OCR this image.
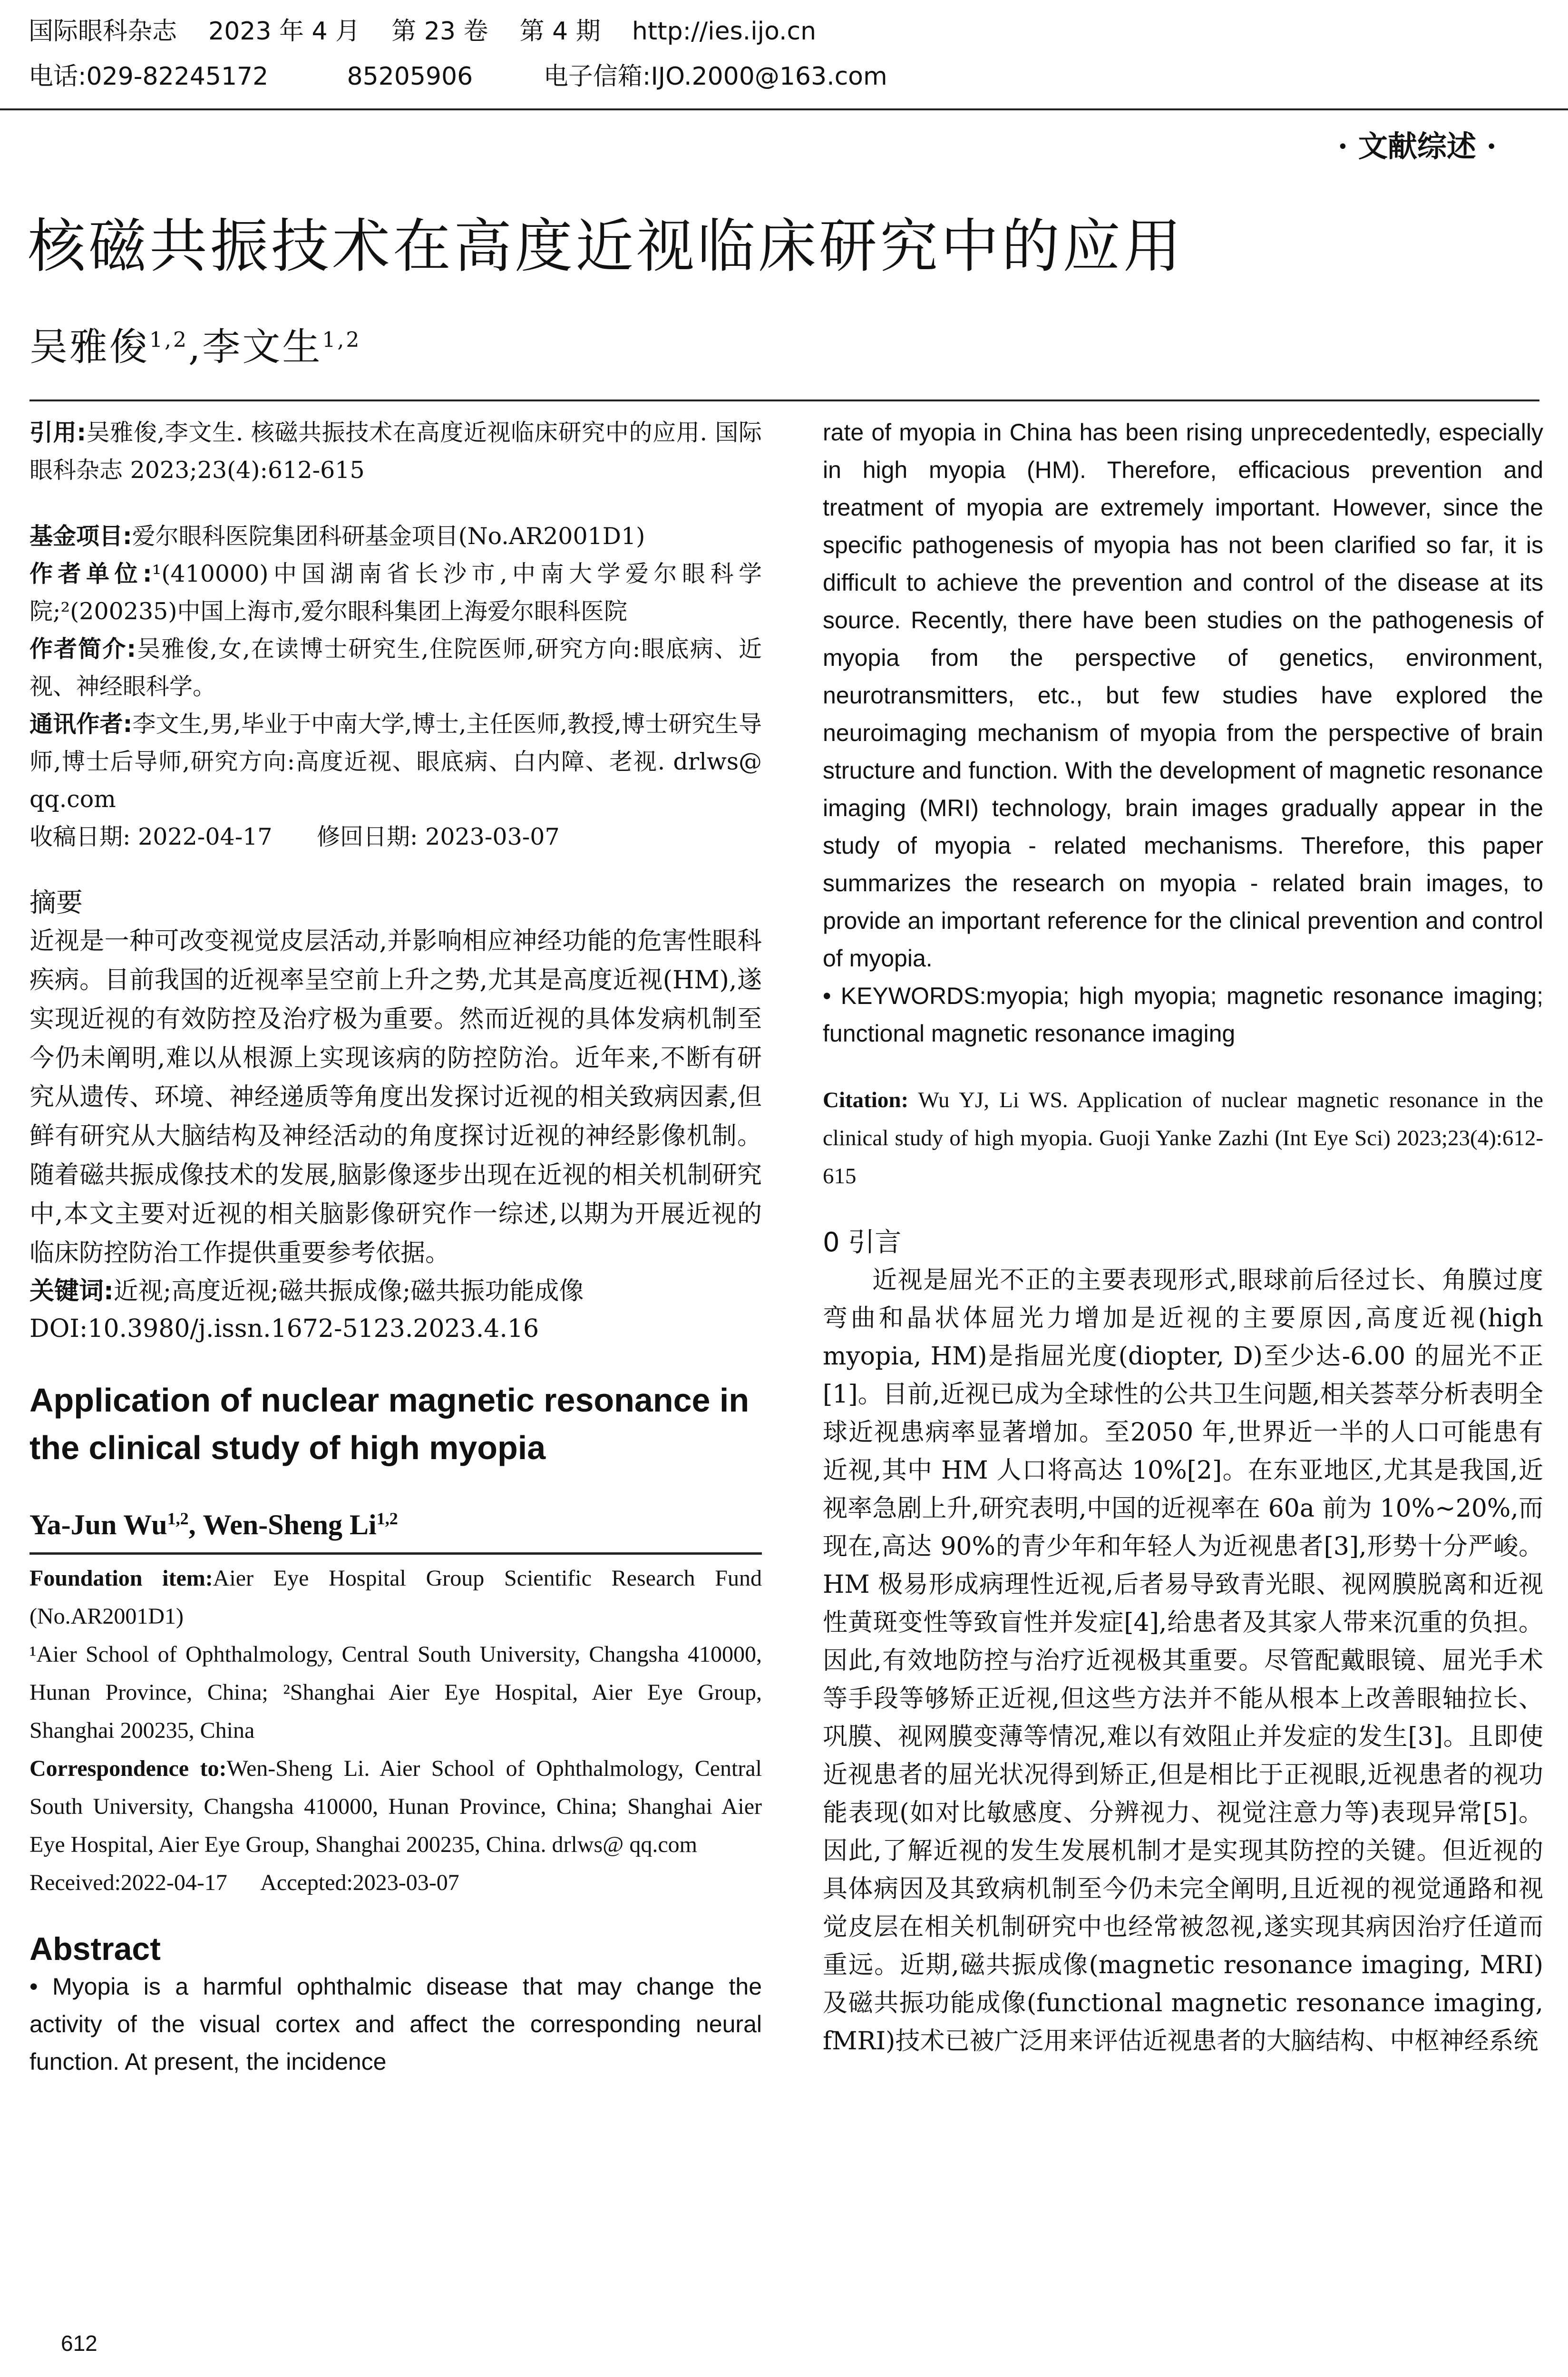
国际眼科杂志    2023 年 4 月    第 23 卷    第 4 期    http://ies.ijo.cn
电话:029-82245172          85205906         电子信箱:IJO.2000@163.com
· 文献综述 ·
核磁共振技术在高度近视临床研究中的应用
吴雅俊$^{1,2}$,李文生$^{1,2}$

引用:吴雅俊,李文生. 核磁共振技术在高度近视临床研究中的应用. 国际眼科杂志 2023;23(4):612-615

基金项目:爱尔眼科医院集团科研基金项目(No.AR2001D1)

作者单位:¹(410000)中国湖南省长沙市,中南大学爱尔眼科学院;²(200235)中国上海市,爱尔眼科集团上海爱尔眼科医院

作者简介:吴雅俊,女,在读博士研究生,住院医师,研究方向:眼底病、近视、神经眼科学。

通讯作者:李文生,男,毕业于中南大学,博士,主任医师,教授,博士研究生导师,博士后导师,研究方向:高度近视、眼底病、白内障、老视. drlws@ qq.com

收稿日期: 2022-04-17      修回日期: 2023-03-07

摘要

近视是一种可改变视觉皮层活动,并影响相应神经功能的危害性眼科疾病。目前我国的近视率呈空前上升之势,尤其是高度近视(HM),遂实现近视的有效防控及治疗极为重要。然而近视的具体发病机制至今仍未阐明,难以从根源上实现该病的防控防治。近年来,不断有研究从遗传、环境、神经递质等角度出发探讨近视的相关致病因素,但鲜有研究从大脑结构及神经活动的角度探讨近视的神经影像机制。随着磁共振成像技术的发展,脑影像逐步出现在近视的相关机制研究中,本文主要对近视的相关脑影像研究作一综述,以期为开展近视的临床防控防治工作提供重要参考依据。

关键词:近视;高度近视;磁共振成像;磁共振功能成像

DOI:10.3980/j.issn.1672-5123.2023.4.16

Application of nuclear magnetic resonance in the clinical study of high myopia

Ya-Jun Wu$^{1,2}$, Wen-Sheng Li$^{1,2}$

Foundation item:Aier Eye Hospital Group Scientific Research Fund (No.AR2001D1)

¹Aier School of Ophthalmology, Central South University, Changsha 410000, Hunan Province, China; ²Shanghai Aier Eye Hospital, Aier Eye Group, Shanghai 200235, China

Correspondence to:Wen-Sheng Li. Aier School of Ophthalmology, Central South University, Changsha 410000, Hunan Province, China; Shanghai Aier Eye Hospital, Aier Eye Group, Shanghai 200235, China. drlws@ qq.com

Received:2022-04-17      Accepted:2023-03-07

Abstract

• Myopia is a harmful ophthalmic disease that may change the activity of the visual cortex and affect the corresponding neural function. At present, the incidence

rate of myopia in China has been rising unprecedentedly, especially in high myopia (HM). Therefore, efficacious prevention and treatment of myopia are extremely important. However, since the specific pathogenesis of myopia has not been clarified so far, it is difficult to achieve the prevention and control of the disease at its source. Recently, there have been studies on the pathogenesis of myopia from the perspective of genetics, environment, neurotransmitters, etc., but few studies have explored the neuroimaging mechanism of myopia from the perspective of brain structure and function. With the development of magnetic resonance imaging (MRI) technology, brain images gradually appear in the study of myopia - related mechanisms. Therefore, this paper summarizes the research on myopia - related brain images, to provide an important reference for the clinical prevention and control of myopia.

• KEYWORDS:myopia; high myopia; magnetic resonance imaging; functional magnetic resonance imaging

Citation: Wu YJ, Li WS. Application of nuclear magnetic resonance in the clinical study of high myopia. Guoji Yanke Zazhi (Int Eye Sci) 2023;23(4):612-615

0 引言

近视是屈光不正的主要表现形式,眼球前后径过长、角膜过度弯曲和晶状体屈光力增加是近视的主要原因,高度近视(high myopia, HM)是指屈光度(diopter, D)至少达-6.00 的屈光不正[1]。目前,近视已成为全球性的公共卫生问题,相关荟萃分析表明全球近视患病率显著增加。至2050 年,世界近一半的人口可能患有近视,其中 HM 人口将高达 10%[2]。在东亚地区,尤其是我国,近视率急剧上升,研究表明,中国的近视率在 60a 前为 10%~20%,而现在,高达 90%的青少年和年轻人为近视患者[3],形势十分严峻。HM 极易形成病理性近视,后者易导致青光眼、视网膜脱离和近视性黄斑变性等致盲性并发症[4],给患者及其家人带来沉重的负担。因此,有效地防控与治疗近视极其重要。尽管配戴眼镜、屈光手术等手段等够矫正近视,但这些方法并不能从根本上改善眼轴拉长、巩膜、视网膜变薄等情况,难以有效阻止并发症的发生[3]。且即使近视患者的屈光状况得到矫正,但是相比于正视眼,近视患者的视功能表现(如对比敏感度、分辨视力、视觉注意力等)表现异常[5]。因此,了解近视的发生发展机制才是实现其防控的关键。但近视的具体病因及其致病机制至今仍未完全阐明,且近视的视觉通路和视觉皮层在相关机制研究中也经常被忽视,遂实现其病因治疗任道而重远。近期,磁共振成像(magnetic resonance imaging, MRI)及磁共振功能成像(functional magnetic resonance imaging, fMRI)技术已被广泛用来评估近视患者的大脑结构、中枢神经系统

612
